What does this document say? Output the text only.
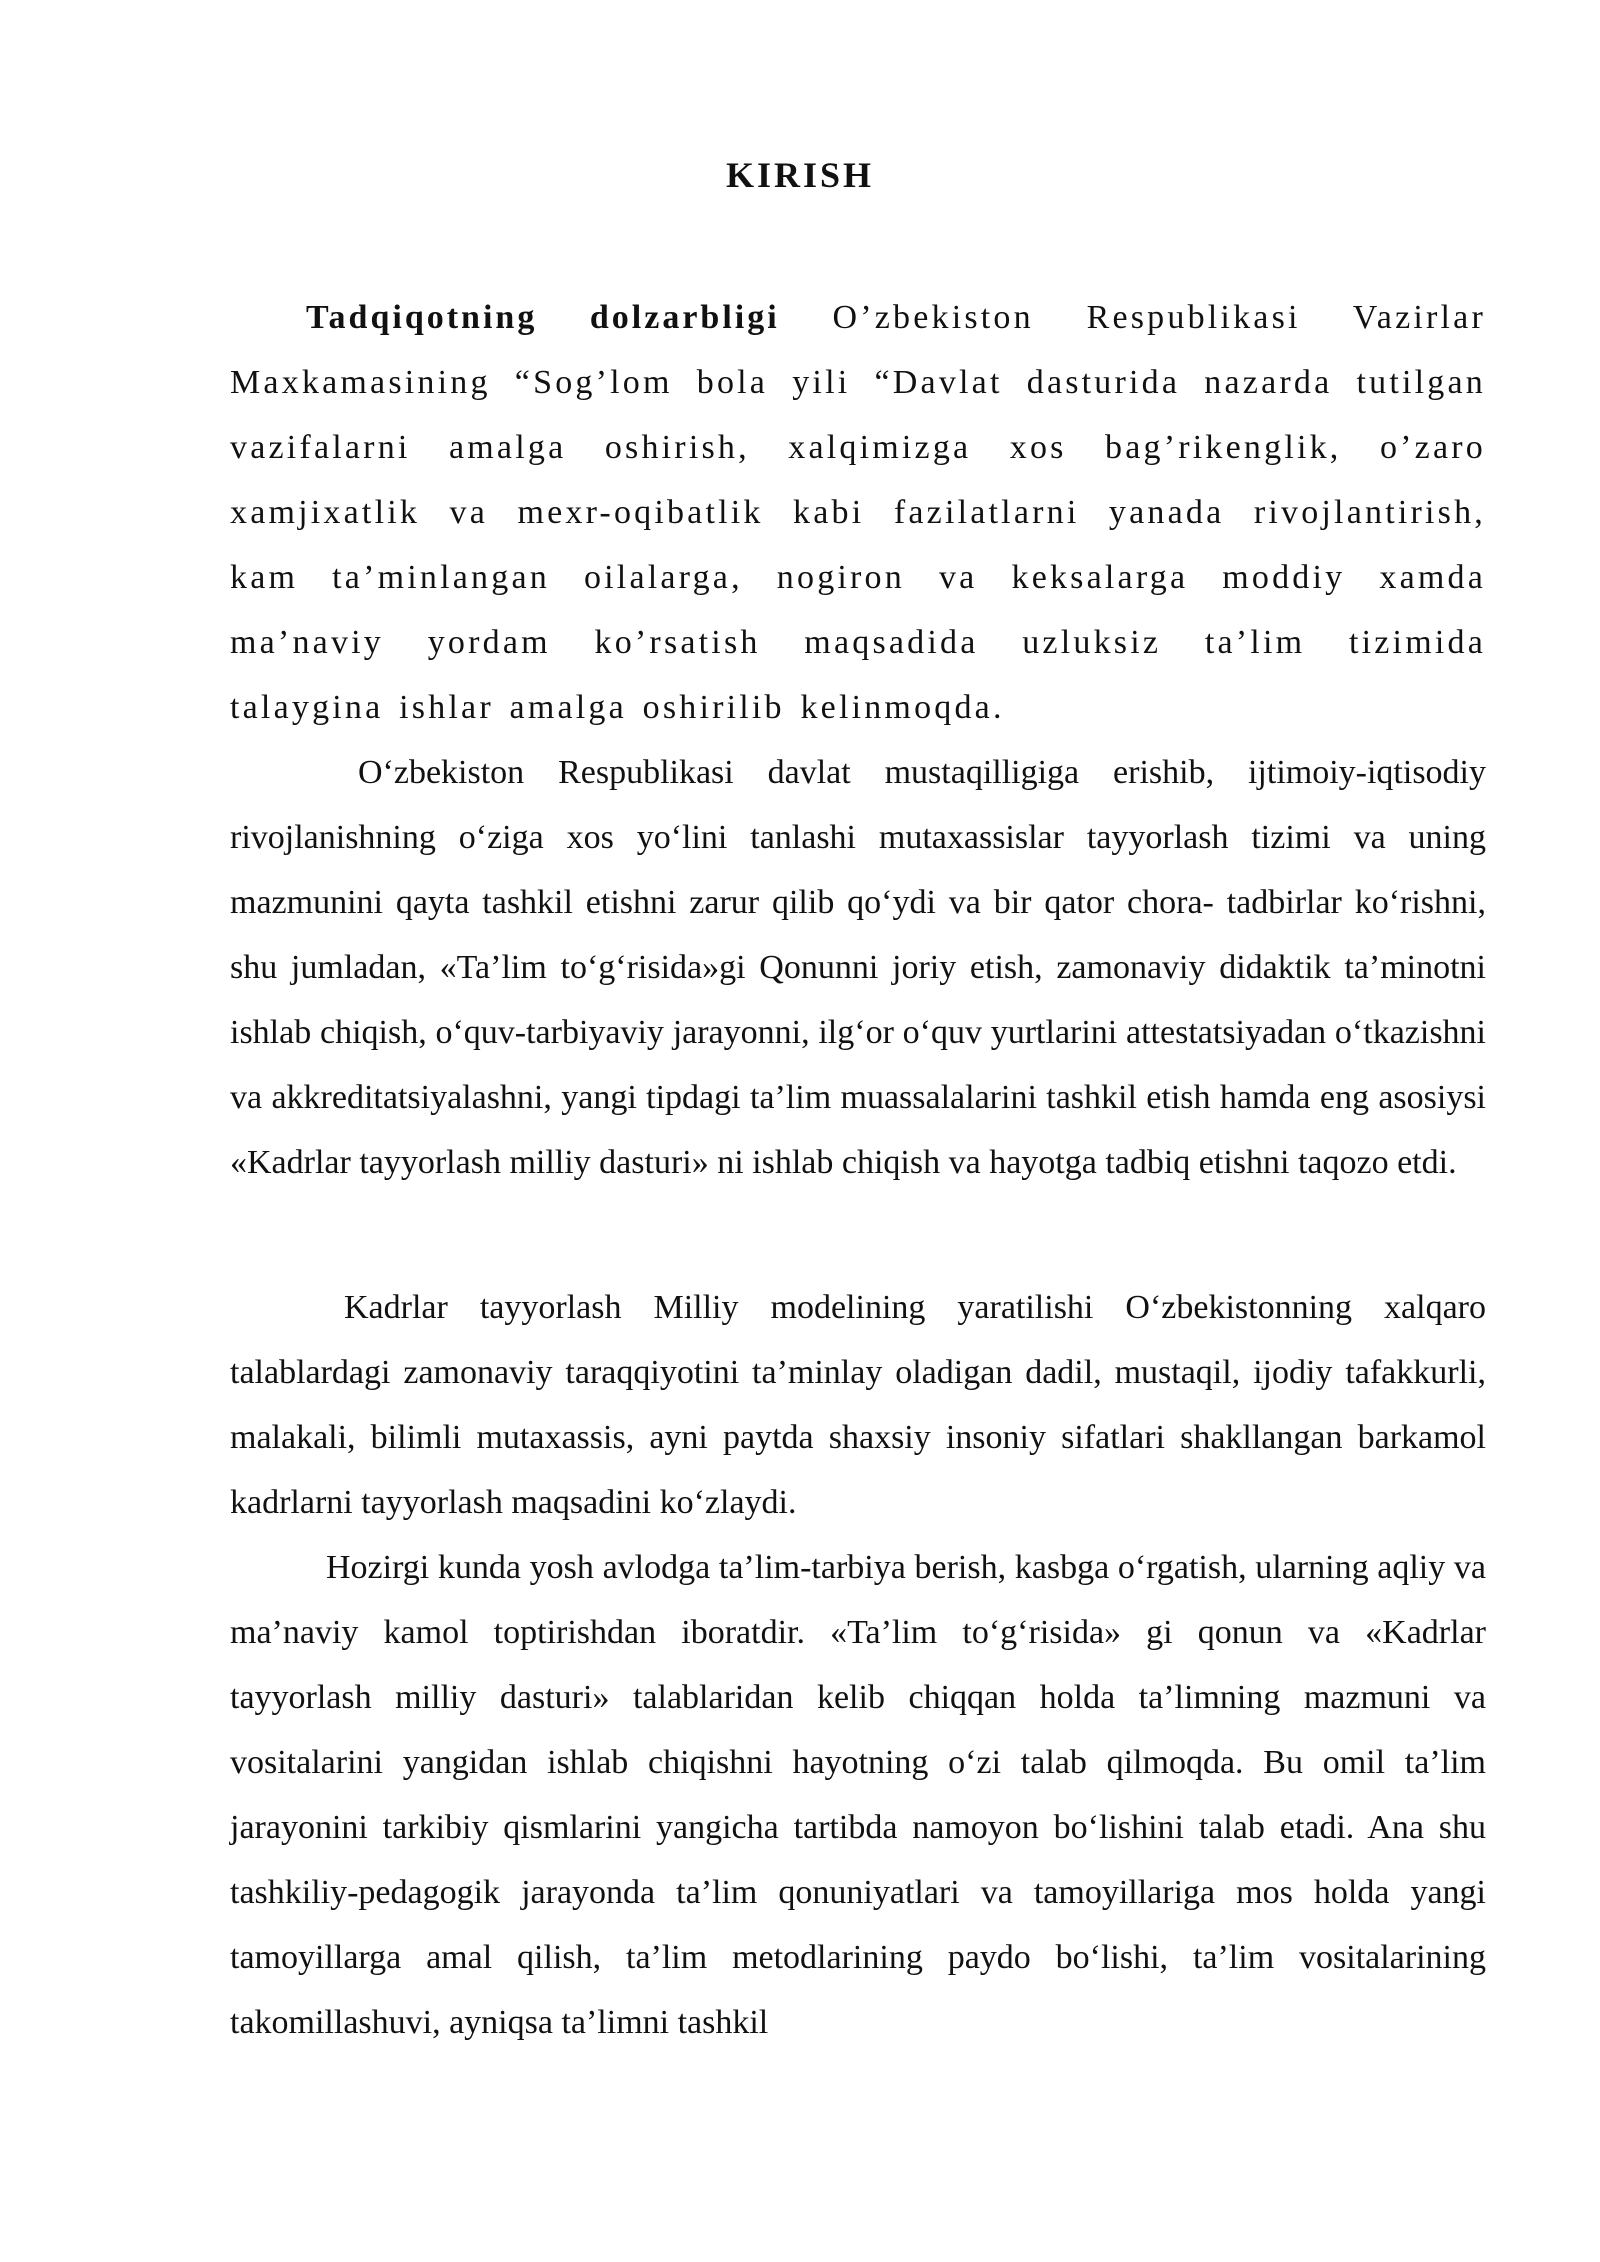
KIRISH

Tadqiqotning dolzarbligi O’zbekiston Respublikasi Vazirlar Maxkamasining “Sog’lom bola yili “Davlat dasturida nazarda tutilgan vazifalarni amalga oshirish, xalqimizga xos bag’rikenglik, o’zaro xamjixatlik va mexr-oqibatlik kabi fazilatlarni yanada rivojlantirish, kam ta’minlangan oilalarga, nogiron va keksalarga moddiy xamda ma’naviy yordam ko’rsatish maqsadida uzluksiz ta’lim tizimida talaygina ishlar amalga oshirilib kelinmoqda.

O‘zbekiston Respublikasi davlat mustaqilligiga erishib, ijtimoiy-iqtisodiy rivojlanishning o‘ziga xos yo‘lini tanlashi mutaxassislar tayyorlash tizimi va uning mazmunini qayta tashkil etishni zarur qilib qo‘ydi va bir qator chora- tadbirlar ko‘rishni, shu jumladan, «Ta’lim to‘g‘risida»gi Qonunni joriy etish, zamonaviy didaktik ta’minotni ishlab chiqish, o‘quv-tarbiyaviy jarayonni, ilg‘or o‘quv yurtlarini attestatsiyadan o‘tkazishni va akkreditatsiyalashni, yangi tipdagi ta’lim muassalalarini tashkil etish hamda eng asosiysi «Kadrlar tayyorlash milliy dasturi» ni ishlab chiqish va hayotga tadbiq etishni taqozo etdi.

Kadrlar tayyorlash Milliy modelining yaratilishi O‘zbekistonning xalqaro talablardagi zamonaviy taraqqiyotini ta’minlay oladigan dadil, mustaqil, ijodiy tafakkurli, malakali, bilimli mutaxassis, ayni paytda shaxsiy insoniy sifatlari shakllangan barkamol kadrlarni tayyorlash maqsadini ko‘zlaydi.

Hozirgi kunda yosh avlodga ta’lim-tarbiya berish, kasbga o‘rgatish, ularning aqliy va ma’naviy kamol toptirishdan iboratdir. «Ta’lim to‘g‘risida» gi qonun va «Kadrlar tayyorlash milliy dasturi» talablaridan kelib chiqqan holda ta’limning mazmuni va vositalarini yangidan ishlab chiqishni hayotning o‘zi talab qilmoqda. Bu omil ta’lim jarayonini tarkibiy qismlarini yangicha tartibda namoyon bo‘lishini talab etadi. Ana shu tashkiliy-pedagogik jarayonda ta’lim qonuniyatlari va tamoyillariga mos holda yangi tamoyillarga amal qilish, ta’lim metodlarining paydo bo‘lishi, ta’lim vositalarining takomillashuvi, ayniqsa ta’limni tashkil
